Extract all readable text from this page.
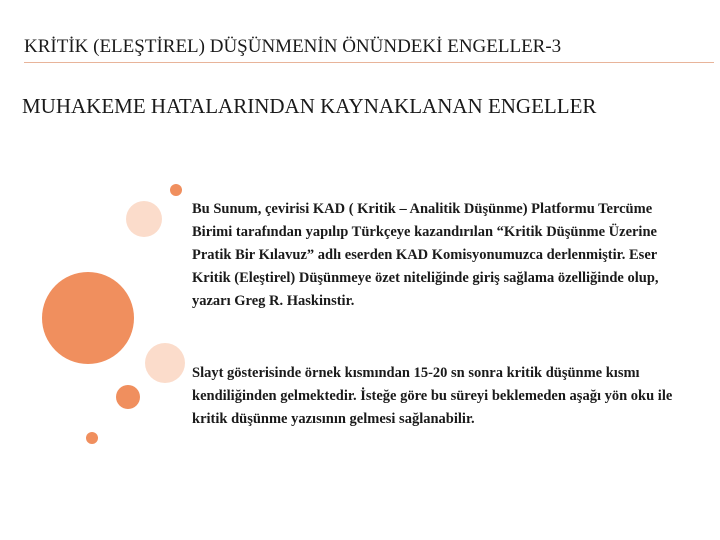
KRİTİK (ELEŞTİREL) DÜŞÜNMENİN ÖNÜNDEKİ ENGELLER-3
MUHAKEME HATALARINDAN KAYNAKLANAN ENGELLER
Bu Sunum, çevirisi KAD ( Kritik – Analitik Düşünme) Platformu Tercüme Birimi tarafından yapılıp Türkçeye kazandırılan “Kritik Düşünme Üzerine Pratik Bir Kılavuz” adlı eserden KAD Komisyonumuzca derlenmiştir. Eser Kritik (Eleştirel) Düşünmeye özet niteliğinde giriş sağlama özelliğinde olup, yazarı Greg R. Haskinstir.
Slayt gösterisinde örnek kısmından 15-20 sn sonra kritik düşünme kısmı kendiliğinden gelmektedir. İsteğe göre bu süreyi beklemeden aşağı yön oku ile kritik düşünme yazısının gelmesi sağlanabilir.
